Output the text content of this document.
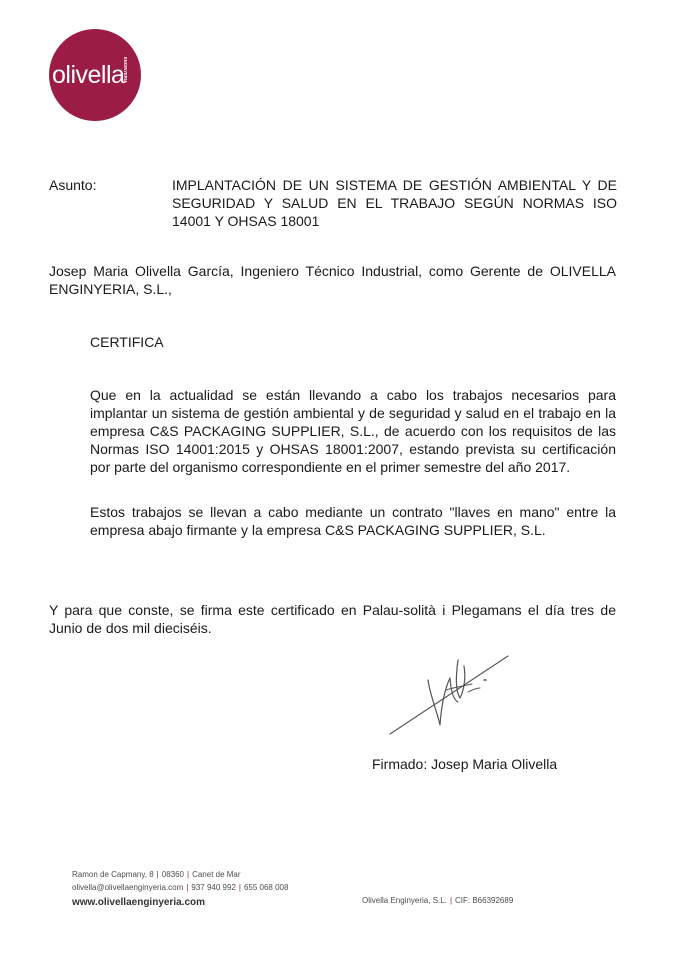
olivella
ENGINYERIA
Asunto:	IMPLANTACIÓN DE UN SISTEMA DE GESTIÓN AMBIENTAL Y DE SEGURIDAD Y SALUD EN EL TRABAJO SEGÚN NORMAS ISO 14001 Y OHSAS 18001
Josep Maria Olivella García, Ingeniero Técnico Industrial, como Gerente de OLIVELLA ENGINYERIA, S.L.,
CERTIFICA
Que en la actualidad se están llevando a cabo los trabajos necesarios para implantar un sistema de gestión ambiental y de seguridad y salud en el trabajo en la empresa C&S PACKAGING SUPPLIER, S.L., de acuerdo con los requisitos de las Normas ISO 14001:2015 y OHSAS 18001:2007, estando prevista su certificación por parte del organismo correspondiente en el primer semestre del año 2017.
Estos trabajos se llevan a cabo mediante un contrato "llaves en mano" entre la empresa abajo firmante y la empresa C&S PACKAGING SUPPLIER, S.L.
Y para que conste, se firma este certificado en Palau-solità i Plegamans el día tres de Junio de dos mil dieciséis.
Firmado: Josep Maria Olivella
Ramon de Capmany, 8 | 08360 | Canet de Mar
olivella@olivellaenginyeria.com | 937 940 992 | 655 068 008
www.olivellaenginyeria.com	Olivella Enginyeria, S.L. | CIF: B66392689
